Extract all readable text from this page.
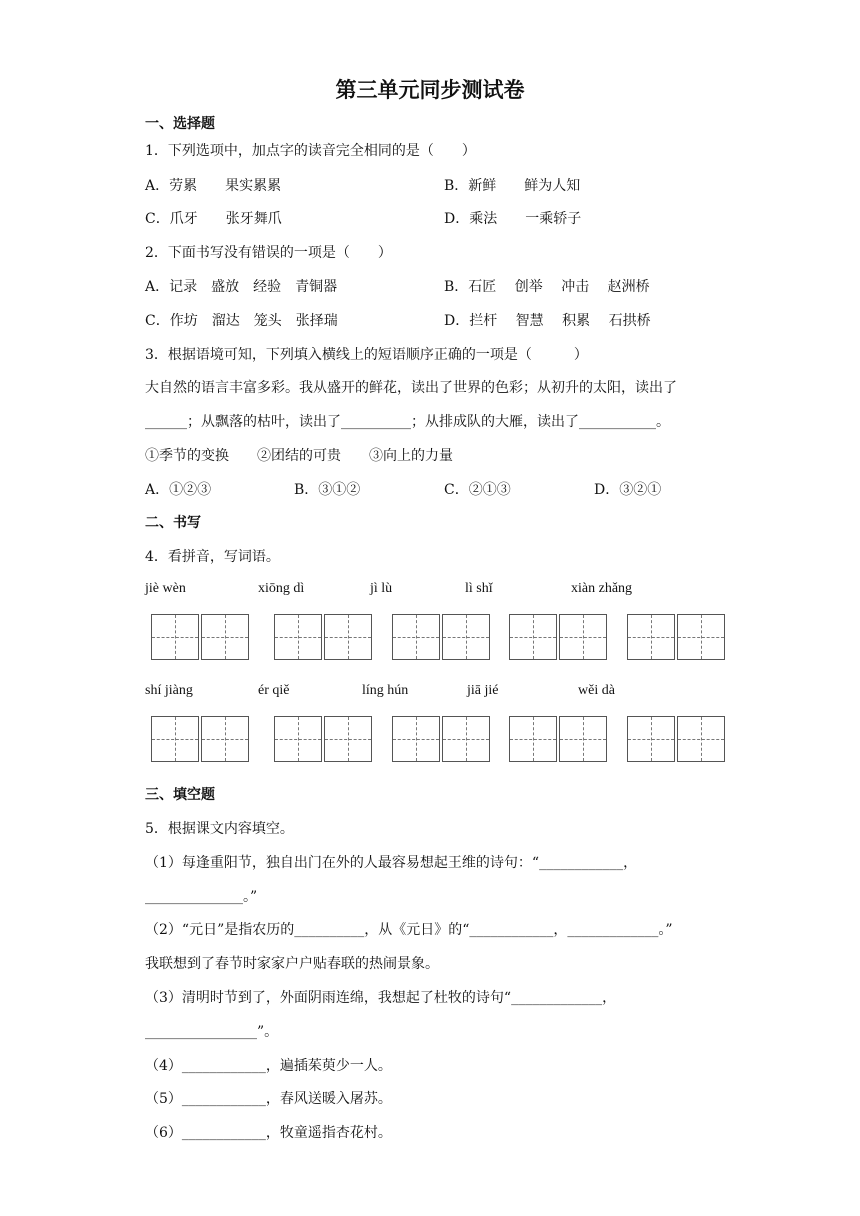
第三单元同步测试卷
一、选择题
1．下列选项中，加点字的读音完全相同的是（　　）
A．劳累　　果实累累	B．新鲜　　鲜为人知
C．爪牙　　张牙舞爪	D．乘法　　一乘轿子
2．下面书写没有错误的一项是（　　）
A．记录　盛放　经验　青铜器	B．石匠　 创举　 冲击　 赵洲桥
C．作坊　溜达　笼头　张择瑞	D．拦杆　 智慧　 积累　 石拱桥
3．根据语境可知，下列填入横线上的短语顺序正确的一项是（　　　）
大自然的语言丰富多彩。我从盛开的鲜花，读出了世界的色彩；从初升的太阳，读出了
______；从飘落的枯叶，读出了__________；从排成队的大雁，读出了___________。
①季节的变换　　②团结的可贵　　③向上的力量
A．①②③	B．③①②	C．②①③	D．③②①
二、书写
4．看拼音，写词语。
jiè wèn	xiōng dì	jì lù	lì shǐ	xiàn zhǎng
shí jiàng	ér qiě	líng hún	jiā jié	wěi dà
三、填空题
5．根据课文内容填空。
（1）每逢重阳节，独自出门在外的人最容易想起王维的诗句：“____________，
______________。”
（2）“元日”是指农历的__________，从《元日》的“____________，_____________。”
我联想到了春节时家家户户贴春联的热闹景象。
（3）清明时节到了，外面阴雨连绵，我想起了杜牧的诗句“_____________，
________________”。
（4）____________，遍插茱萸少一人。
（5）____________，春风送暖入屠苏。
（6）____________，牧童遥指杏花村。
